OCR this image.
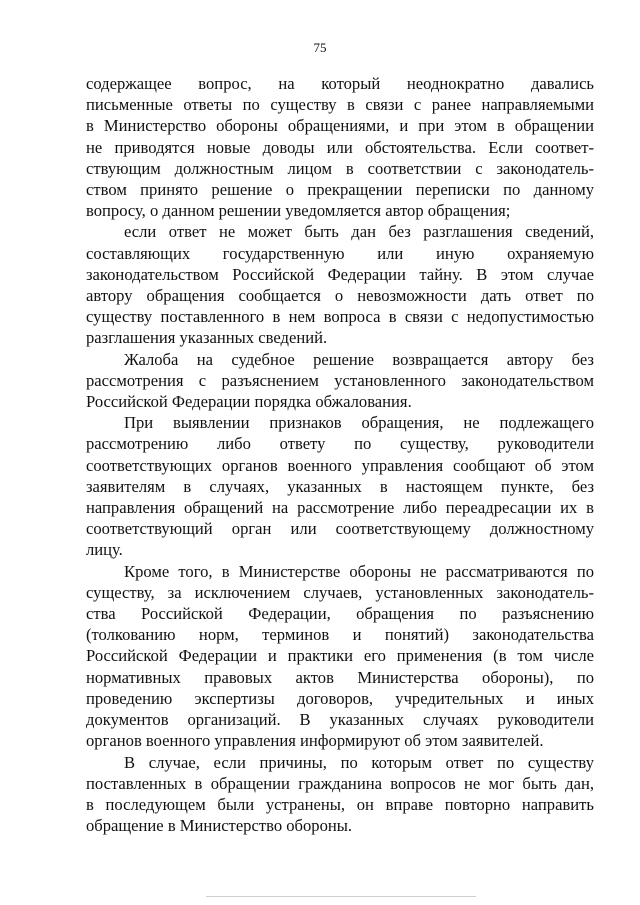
75
содержащее вопрос, на который неоднократно давались
письменные ответы по существу в связи с ранее направляемыми
в Министерство обороны обращениями, и при этом в обращении
не приводятся новые доводы или обстоятельства. Если соответ-
ствующим должностным лицом в соответствии с законодатель-
ством принято решение о прекращении переписки по данному
вопросу, о данном решении уведомляется автор обращения;
если ответ не может быть дан без разглашения сведений,
составляющих государственную или иную охраняемую
законодательством Российской Федерации тайну. В этом случае
автору обращения сообщается о невозможности дать ответ по
существу поставленного в нем вопроса в связи с недопустимостью
разглашения указанных сведений.
Жалоба на судебное решение возвращается автору без
рассмотрения с разъяснением установленного законодательством
Российской Федерации порядка обжалования.
При выявлении признаков обращения, не подлежащего
рассмотрению либо ответу по существу, руководители
соответствующих органов военного управления сообщают об этом
заявителям в случаях, указанных в настоящем пункте, без
направления обращений на рассмотрение либо переадресации их в
соответствующий орган или соответствующему должностному
лицу.
Кроме того, в Министерстве обороны не рассматриваются по
существу, за исключением случаев, установленных законодатель-
ства Российской Федерации, обращения по разъяснению
(толкованию норм, терминов и понятий) законодательства
Российской Федерации и практики его применения (в том числе
нормативных правовых актов Министерства обороны), по
проведению экспертизы договоров, учредительных и иных
документов организаций. В указанных случаях руководители
органов военного управления информируют об этом заявителей.
В случае, если причины, по которым ответ по существу
поставленных в обращении гражданина вопросов не мог быть дан,
в последующем были устранены, он вправе повторно направить
обращение в Министерство обороны.
